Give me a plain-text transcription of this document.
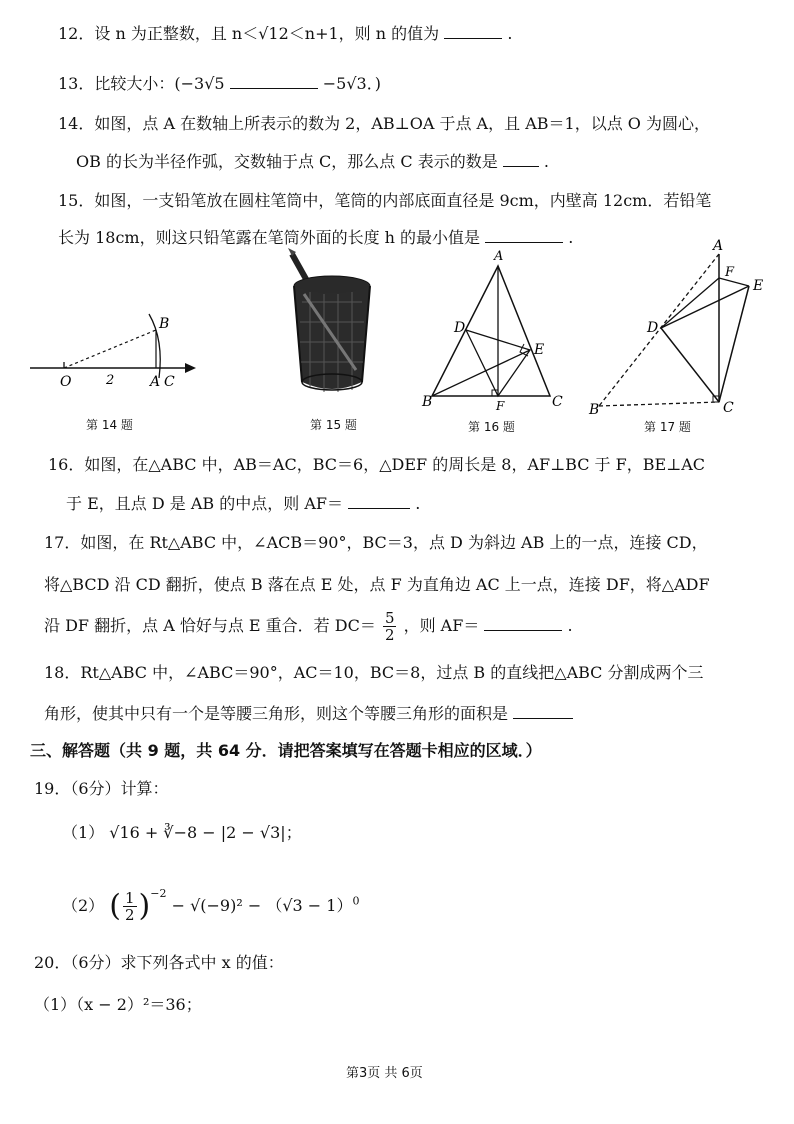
12．设 n 为正整数，且 n＜√12＜n+1，则 n 的值为	.
13．比较大小：(−3√5	−5√3．)
14．如图，点 A 在数轴上所表示的数为 2，AB⊥OA 于点 A，且 AB＝1，以点 O 为圆心，
OB 的长为半径作弧，交数轴于点 C，那么点 C 表示的数是	.
15．如图，一支铅笔放在圆柱笔筒中，笔筒的内部底面直径是 9cm，内壁高 12cm．若铅笔
长为 18cm，则这只铅笔露在笔筒外面的长度 h 的最小值是	.
O	A C
B
2
第 14 题	第 15 题
A
B	C
D
E
F
第 16 题
A
B	C
D
E
F
第 17 题
16．如图，在△ABC 中，AB＝AC，BC＝6，△DEF 的周长是 8，AF⊥BC 于 F，BE⊥AC
于 E，且点 D 是 AB 的中点，则 AF＝	.
17．如图，在 Rt△ABC 中，∠ACB＝90°，BC＝3，点 D 为斜边 AB 上的一点，连接 CD，
将△BCD 沿 CD 翻折，使点 B 落在点 E 处，点 F 为直角边 AC 上一点，连接 DF，将△ADF
沿 DF 翻折，点 A 恰好与点 E 重合．若 $DC= \frac{5}{2}$ ，则 AF＝	.
18．Rt△ABC 中，∠ABC＝90°，AC＝10，BC＝8，过点 B 的直线把△ABC 分割成两个三
角形，使其中只有一个是等腰三角形，则这个等腰三角形的面积是
三、解答题（共 9 题，共 64 分．请把答案填写在答题卡相应的区域．）
19．（6分）计算：
（1） √16 + ∛−8 − |2 − √3|；
（2） ( $\frac{1}{2} )^{-2} - √(-9)^2 - (√3 - 1)^0$
20．（6分）求下列各式中 x 的值：
（1）（x − 2）²＝36；
第3页 共 6页
